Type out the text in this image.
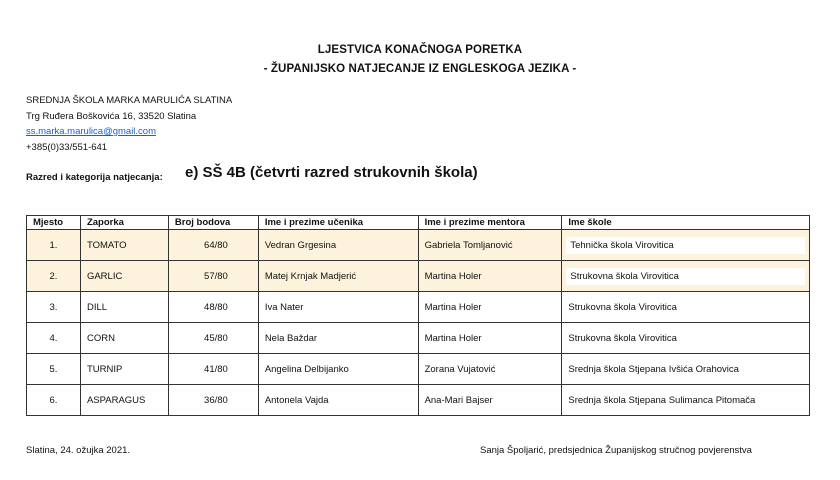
LJESTVICA KONAČNOGA PORETKA
- ŽUPANIJSKO NATJECANJE IZ ENGLESKOGA JEZIKA -
SREDNJA ŠKOLA MARKA MARULIĆA SLATINA
Trg Ruđera Boškovića 16, 33520 Slatina
ss.marka.marulica@gmail.com
+385(0)33/551-641
Razred i kategorija natjecanja: e) SŠ 4B (četvrti razred strukovnih škola)
Mjesto	Zaporka	Broj bodova	Ime i prezime učenika	Ime i prezime mentora	Ime škole
1.	TOMATO	64/80	Vedran Grgesina	Gabriela Tomljanović	Tehnička škola Virovitica

2.	GARLIC	57/80	Matej Krnjak Madjerić	Martina Holer	Strukovna škola Virovitica

3.	DILL	48/80	Iva Nater	Martina Holer	Strukovna škola Virovitica
4.	CORN	45/80	Nela Baždar	Martina Holer	Strukovna škola Virovitica
5.	TURNIP	41/80	Angelina Delbijanko	Zorana Vujatović	Srednja škola Stjepana Ivšića Orahovica
6.	ASPARAGUS	36/80	Antonela Vajda	Ana-Mari Bajser	Srednja škola Stjepana Sulimanca Pitomača
Slatina, 24. ožujka 2021.	Sanja Špoljarić, predsjednica Županijskog stručnog povjerenstva
